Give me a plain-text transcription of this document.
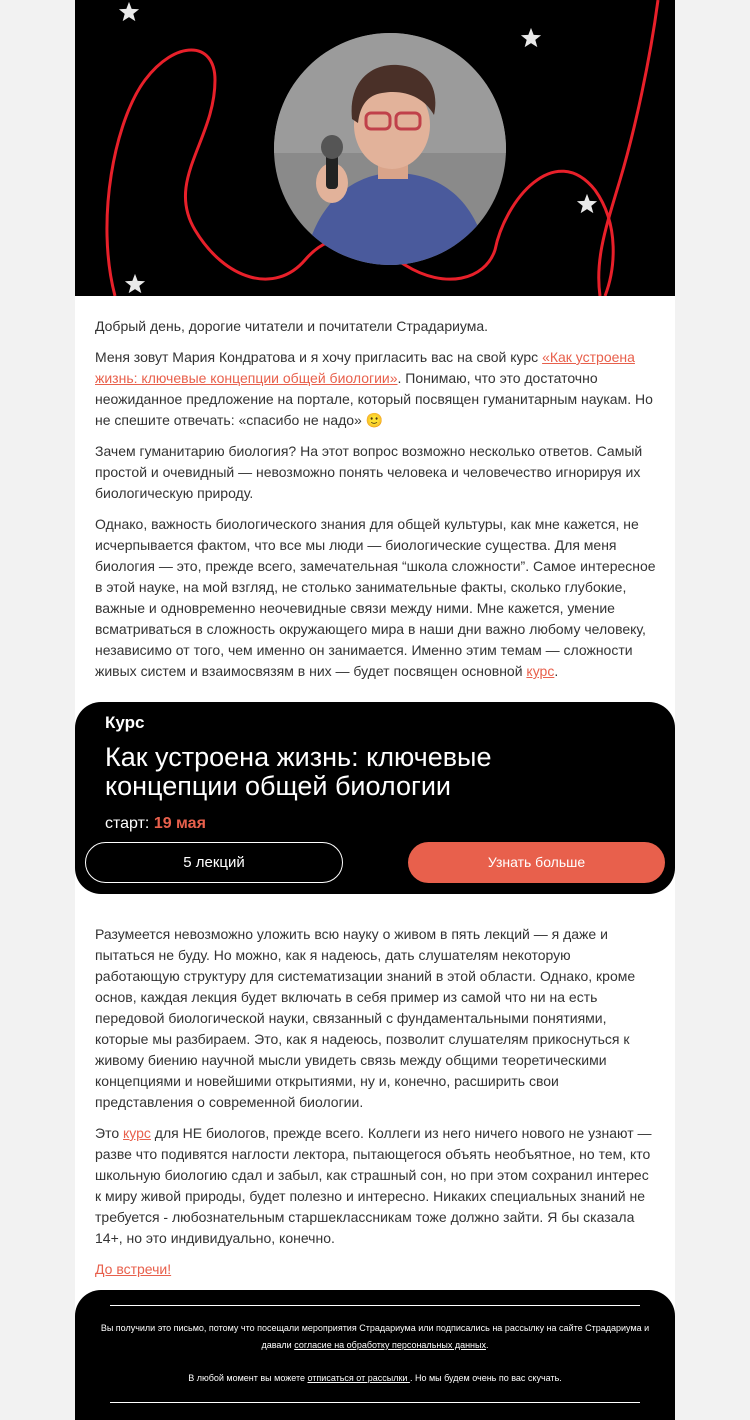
Добрый день, дорогие читатели и почитатели Страдариума.

Меня зовут Мария Кондратова и я хочу пригласить вас на свой курс «Как устроена жизнь: ключевые концепции общей биологии». Понимаю, что это достаточно неожиданное предложение на портале, который посвящен гуманитарным наукам. Но не спешите отвечать: «спасибо не надо» 🙂

Зачем гуманитарию биология? На этот вопрос возможно несколько ответов. Самый простой и очевидный — невозможно понять человека и человечество игнорируя их биологическую природу.

Однако, важность биологического знания для общей культуры, как мне кажется, не исчерпывается фактом, что все мы люди — биологические существа. Для меня биология — это, прежде всего, замечательная “школа сложности”. Самое интересное в этой науке, на мой взгляд, не столько занимательные факты, сколько глубокие, важные и одновременно неочевидные связи между ними. Мне кажется, умение всматриваться в сложность окружающего мира в наши дни важно любому человеку, независимо от того, чем именно он занимается. Именно этим темам — сложности живых систем и взаимосвязям в них — будет посвящен основной курс.

Курс
Как устроена жизнь: ключевые концепции общей биологии
старт: 19 мая
5 лекций	Узнать больше

Разумеется невозможно уложить всю науку о живом в пять лекций — я даже и пытаться не буду. Но можно, как я надеюсь, дать слушателям некоторую работающую структуру для систематизации знаний в этой области. Однако, кроме основ, каждая лекция будет включать в себя пример из самой что ни на есть передовой биологической науки, связанный с фундаментальными понятиями, которые мы разбираем. Это, как я надеюсь, позволит слушателям прикоснуться к живому биению научной мысли увидеть связь между общими теоретическими концепциями и новейшими открытиями, ну и, конечно, расширить свои представления о современной биологии.

Это курс для НЕ биологов, прежде всего. Коллеги из него ничего нового не узнают — разве что подивятся наглости лектора, пытающегося объять необъятное, но тем, кто школьную биологию сдал и забыл, как страшный сон, но при этом сохранил интерес к миру живой природы, будет полезно и интересно. Никаких специальных знаний не требуется - любознательным старшеклассникам тоже должно зайти. Я бы сказала 14+, но это индивидуально, конечно.

До встречи!

Вы получили это письмо, потому что посещали мероприятия Страдариума или подписались на рассылку на сайте Страдариума и давали согласие на обработку персональных данных.
В любой момент вы можете отписаться от рассылки . Но мы будем очень по вас скучать.
